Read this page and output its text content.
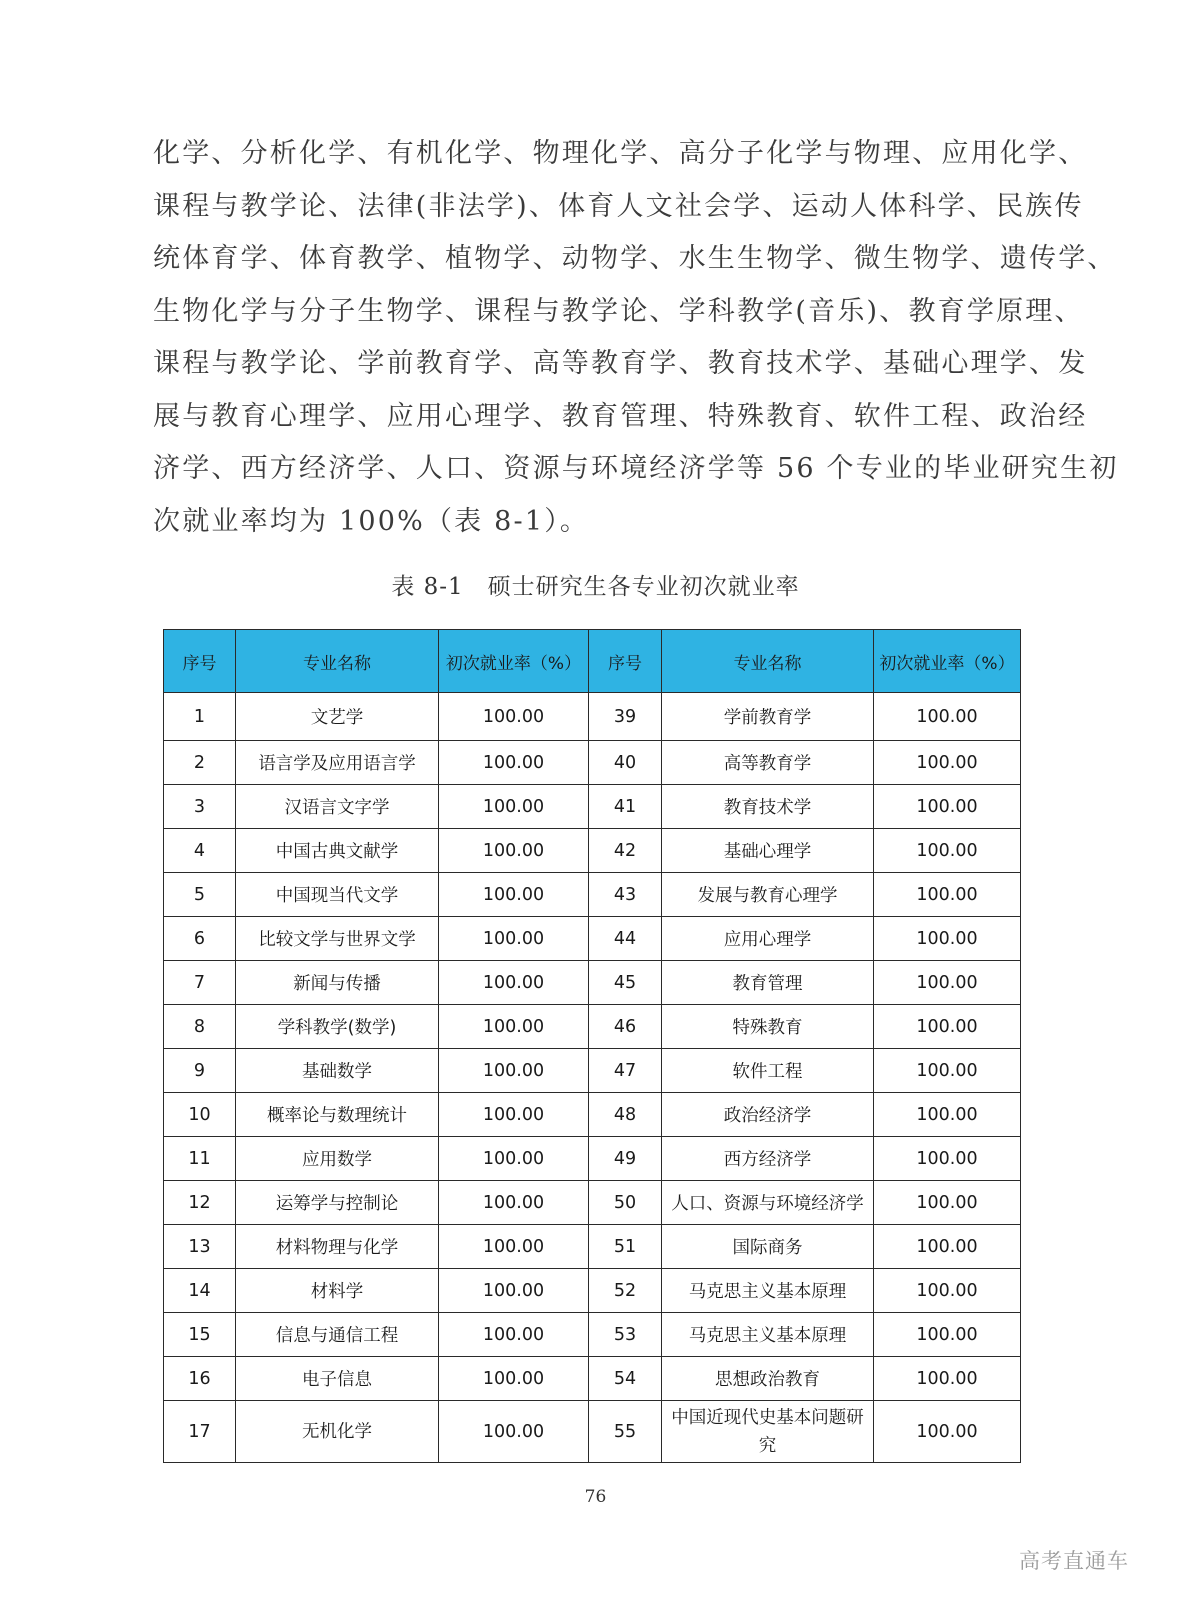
化学、分析化学、有机化学、物理化学、高分子化学与物理、应用化学、
课程与教学论、法律(非法学)、体育人文社会学、运动人体科学、民族传
统体育学、体育教学、植物学、动物学、水生生物学、微生物学、遗传学、
生物化学与分子生物学、课程与教学论、学科教学(音乐)、教育学原理、
课程与教学论、学前教育学、高等教育学、教育技术学、基础心理学、发
展与教育心理学、应用心理学、教育管理、特殊教育、软件工程、政治经
济学、西方经济学、人口、资源与环境经济学等 56 个专业的毕业研究生初
次就业率均为 100%（表 8-1）。
表 8-1　硕士研究生各专业初次就业率
序号	专业名称	初次就业率（%）	序号	专业名称	初次就业率（%）
1	文艺学	100.00	39	学前教育学	100.00
2	语言学及应用语言学	100.00	40	高等教育学	100.00
3	汉语言文字学	100.00	41	教育技术学	100.00
4	中国古典文献学	100.00	42	基础心理学	100.00
5	中国现当代文学	100.00	43	发展与教育心理学	100.00
6	比较文学与世界文学	100.00	44	应用心理学	100.00
7	新闻与传播	100.00	45	教育管理	100.00
8	学科教学(数学)	100.00	46	特殊教育	100.00
9	基础数学	100.00	47	软件工程	100.00
10	概率论与数理统计	100.00	48	政治经济学	100.00
11	应用数学	100.00	49	西方经济学	100.00
12	运筹学与控制论	100.00	50	人口、资源与环境经济学	100.00
13	材料物理与化学	100.00	51	国际商务	100.00
14	材料学	100.00	52	马克思主义基本原理	100.00
15	信息与通信工程	100.00	53	马克思主义基本原理	100.00
16	电子信息	100.00	54	思想政治教育	100.00
17	无机化学	100.00	55	中国近现代史基本问题研究	100.00
76
高考直通车
